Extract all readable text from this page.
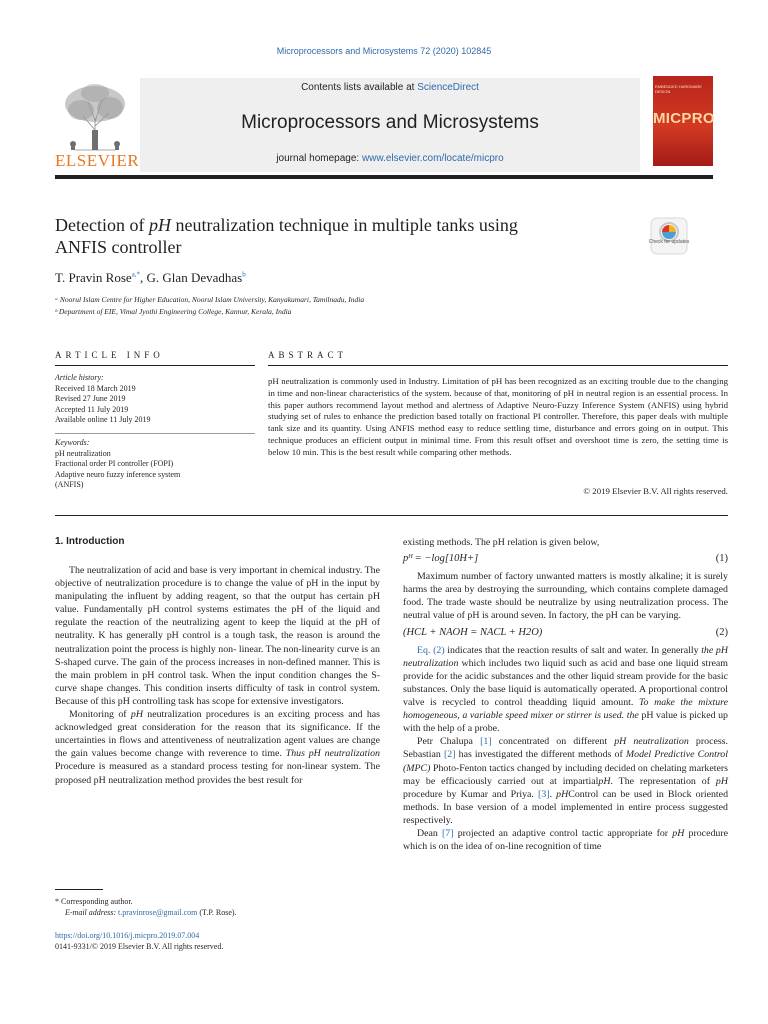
Microprocessors and Microsystems 72 (2020) 102845
ELSEVIER
Contents lists available at ScienceDirect
Microprocessors and Microsystems
journal homepage: www.elsevier.com/locate/micpro
EMBEDDED HARDWARE DESIGN
MICPRO
Detection of pH neutralization technique in multiple tanks using
ANFIS controller	Check for updates
T. Pravin Rose$^{a,*}$, G. Glan Devadhas$^b$
ᵃ Noorul Islam Centre for Higher Education, Noorul Islam University, Kanyakumari, Tamilnadu, India
ᵇ Department of EIE, Vimal Jyothi Engineering College, Kannur, Kerala, India
ARTICLE INFO	ABSTRACT
Article history:
Received 18 March 2019
Revised 27 June 2019
Accepted 11 July 2019
Available online 11 July 2019
Keywords:
pH neutralization
Fractional order PI controller (FOPI)
Adaptive neuro fuzzy inference system
(ANFIS)
pH neutralization is commonly used in Industry. Limitation of pH has been recognized as an exciting trouble due to the changing in time and non-linear characteristics of the system. because of that, monitoring of pH in neutral region is an essential process. In this paper authors recommend layout method and alertness of Adaptive Neuro-Fuzzy Inference System (ANFIS) using hybrid studying set of rules to enhance the prediction based totally on fractional PI controller. Therefore, this paper deals with multiple tank size and its quantity. Using ANFIS method easy to reduce settling time, disturbance and errors going on in output. This technique produces an efficient output in minimal time. From this result offset and overshoot time is zero, the setting time is below 10 min. This is the best result while comparing other methods.
© 2019 Elsevier B.V. All rights reserved.
1. Introduction

The neutralization of acid and base is very important in chemical industry. The objective of neutralization procedure is to change the value of pH in the input by manipulating the influent by adding reagent, so that the output has certain pH value. Fundamentally pH control systems estimates the pH of the liquid and regulate the reaction of the neutralizing agent to keep the liquid at the pH of neutrality. K has generally pH control is a tough task, the reason is around the neutralization point the process is highly non- linear. The non-linearity curve is an S-shaped curve. The gain of the process increases in non-defined manner. This is the main problem in pH control task. When the input condition changes the S-curve shape changes. This condition inserts difficulty of task in control system. Because of this pH controlling task has scope for extensive investigators.

Monitoring of pH neutralization procedures is an exciting process and has acknowledged great consideration for the reason that its significance. If the uncertainties in flows and attentiveness of neutralization agent values are change the gain values become change with reverence to time. Thus pH neutralization Procedure is measured as a standard process testing for non-linear system. The proposed pH neutralization method provides the best result for

* Corresponding author.
E-mail address: t.pravinrose@gmail.com (T.P. Rose).
https://doi.org/10.1016/j.micpro.2019.07.004
0141-9331/© 2019 Elsevier B.V. All rights reserved.

existing methods. The pH relation is given below,

pᴴ = −log[10H+]	(1)

Maximum number of factory unwanted matters is mostly alkaline; it is surely harms the area by destroying the surrounding, which contains complete damaged food. The trade waste should be neutralize by using neutralization process. The neutral value of pH is around seven. In factory, the pH can be varying.

(HCL + NAOH = NACL + H2O)	(2)

Eq. (2) indicates that the reaction results of salt and water. In generally the pH neutralization which includes two liquid such as acid and base one liquid stream provide for the acidic substances and the other liquid stream provide for the basic substances. Only the base liquid is automatically operated. A proportional control valve is recycled to control theadding liquid amount. To make the mixture homogeneous, a variable speed mixer or stirrer is used. the pH value is picked up with the help of a probe.

Petr Chalupa [1] concentrated on different pH neutralization process. Sebastian [2] has investigated the different methods of Model Predictive Control (MPC) Photo-Fenton tactics changed by including decided on chelating marketers may be efficaciously carried out at impartialpH. The representation of pH procedure by Kumar and Priya. [3]. pHControl can be used in Block oriented methods. In base version of a model implemented in entire process suggested respectively.

Dean [7] projected an adaptive control tactic appropriate for pH procedure which is on the idea of on-line recognition of time
